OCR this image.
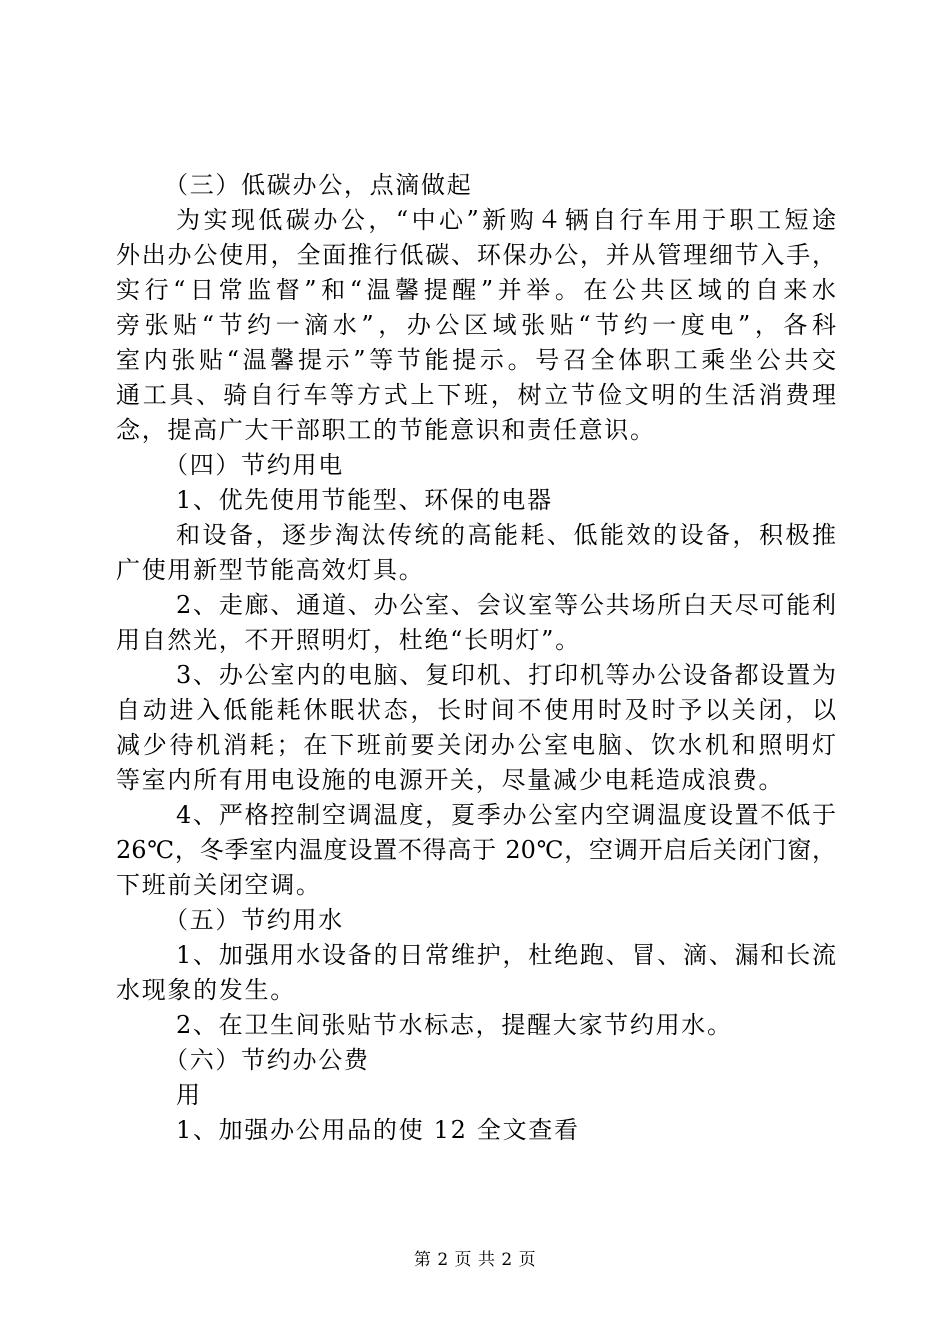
（三）低碳办公，点滴做起
为实现低碳办公，“中心”新购４辆自行车用于职工短途
外出办公使用，全面推行低碳、环保办公，并从管理细节入手，
实行“日常监督”和“温馨提醒”并举。在公共区域的自来水
旁张贴“节约一滴水”，办公区域张贴“节约一度电”，各科
室内张贴“温馨提示”等节能提示。号召全体职工乘坐公共交
通工具、骑自行车等方式上下班，树立节俭文明的生活消费理
念，提高广大干部职工的节能意识和责任意识。
（四）节约用电
1、优先使用节能型、环保的电器
和设备，逐步淘汰传统的高能耗、低能效的设备，积极推
广使用新型节能高效灯具。
2、走廊、通道、办公室、会议室等公共场所白天尽可能利
用自然光，不开照明灯，杜绝“长明灯”。
3、办公室内的电脑、复印机、打印机等办公设备都设置为
自动进入低能耗休眠状态，长时间不使用时及时予以关闭，以
减少待机消耗；在下班前要关闭办公室电脑、饮水机和照明灯
等室内所有用电设施的电源开关，尽量减少电耗造成浪费。
4、严格控制空调温度，夏季办公室内空调温度设置不低于
26℃，冬季室内温度设置不得高于 20℃，空调开启后关闭门窗，
下班前关闭空调。
（五）节约用水
1、加强用水设备的日常维护，杜绝跑、冒、滴、漏和长流
水现象的发生。
2、在卫生间张贴节水标志，提醒大家节约用水。
（六）节约办公费
用
1、加强办公用品的使 12 全文查看
第 2 页 共 2 页
